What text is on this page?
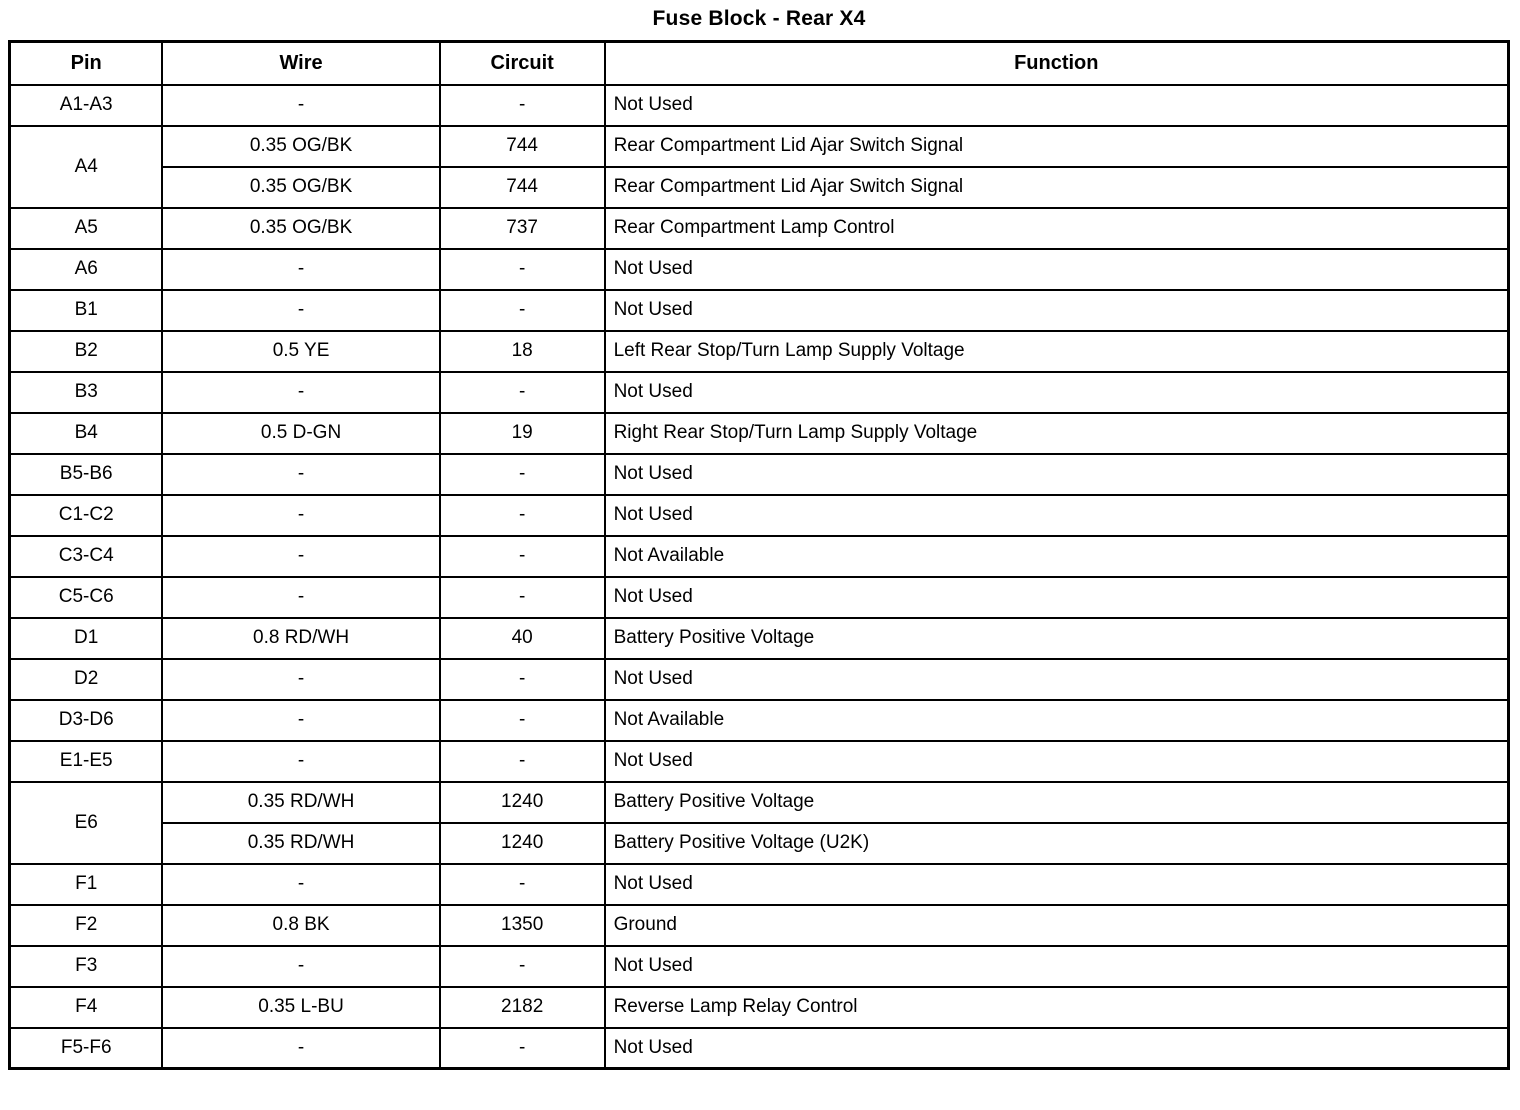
Fuse Block - Rear X4
Pin	Wire	Circuit	Function
A1-A3	-	-	Not Used
A4	0.35 OG/BK	744	Rear Compartment Lid Ajar Switch Signal
	0.35 OG/BK	744	Rear Compartment Lid Ajar Switch Signal
A5	0.35 OG/BK	737	Rear Compartment Lamp Control
A6	-	-	Not Used
B1	-	-	Not Used
B2	0.5 YE	18	Left Rear Stop/Turn Lamp Supply Voltage
B3	-	-	Not Used
B4	0.5 D-GN	19	Right Rear Stop/Turn Lamp Supply Voltage
B5-B6	-	-	Not Used
C1-C2	-	-	Not Used
C3-C4	-	-	Not Available
C5-C6	-	-	Not Used
D1	0.8 RD/WH	40	Battery Positive Voltage
D2	-	-	Not Used
D3-D6	-	-	Not Available
E1-E5	-	-	Not Used
E6	0.35 RD/WH	1240	Battery Positive Voltage
	0.35 RD/WH	1240	Battery Positive Voltage (U2K)
F1	-	-	Not Used
F2	0.8 BK	1350	Ground
F3	-	-	Not Used
F4	0.35 L-BU	2182	Reverse Lamp Relay Control
F5-F6	-	-	Not Used
